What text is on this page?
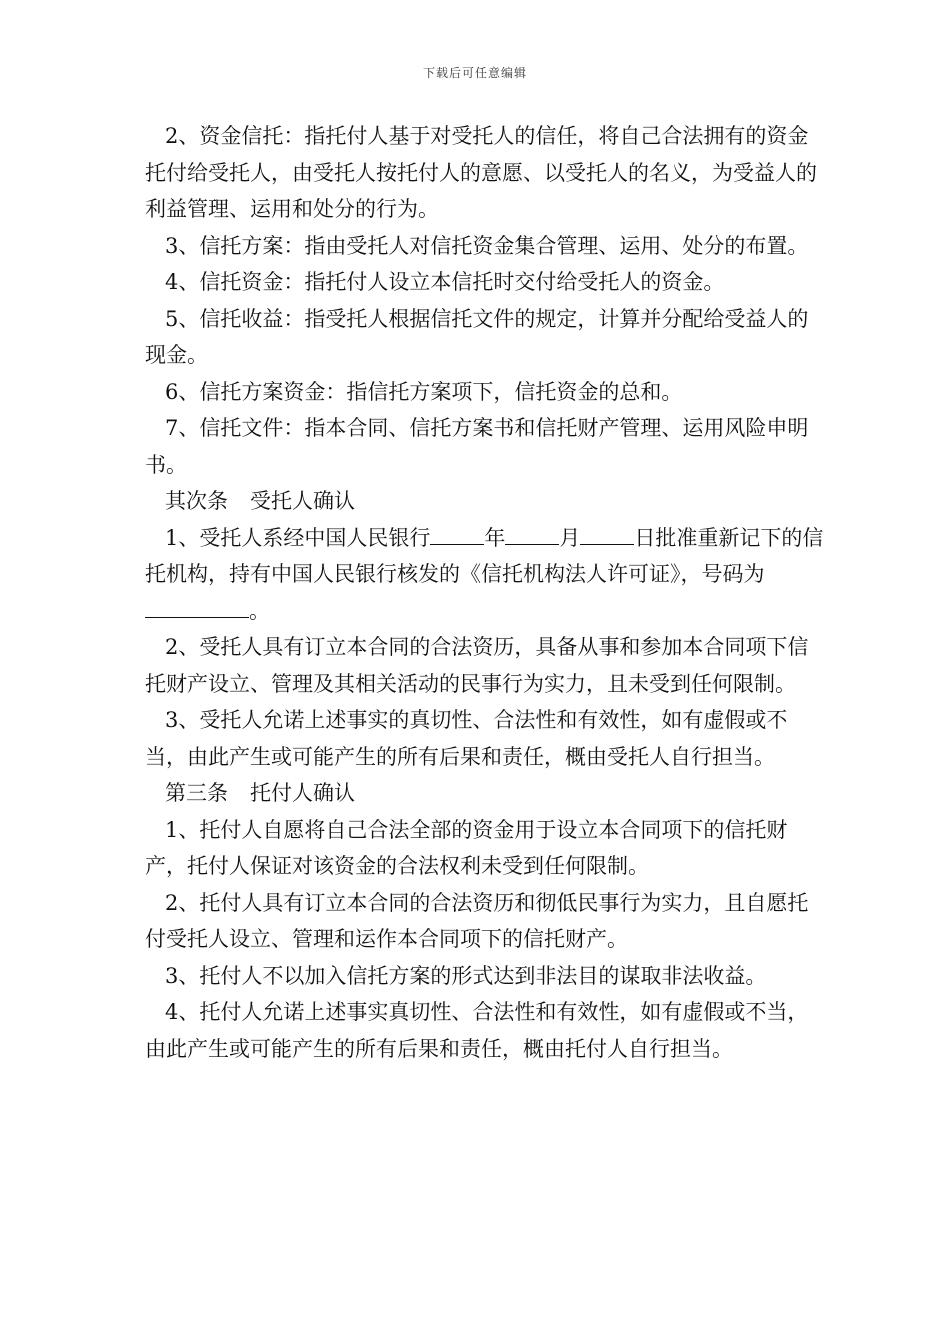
下载后可任意编辑

2、资金信托：指托付人基于对受托人的信任，将自己合法拥有的资金托付给受托人，由受托人按托付人的意愿、以受托人的名义，为受益人的利益管理、运用和处分的行为。

3、信托方案：指由受托人对信托资金集合管理、运用、处分的布置。

4、信托资金：指托付人设立本信托时交付给受托人的资金。

5、信托收益：指受托人根据信托文件的规定，计算并分配给受益人的现金。

6、信托方案资金：指信托方案项下，信托资金的总和。

7、信托文件：指本合同、信托方案书和信托财产管理、运用风险申明书。

其次条 受托人确认

1、受托人系经中国人民银行	年	月	日批准重新记下的信托机构，持有中国人民银行核发的《信托机构法人许可证》，号码为。

2、受托人具有订立本合同的合法资历，具备从事和参加本合同项下信托财产设立、管理及其相关活动的民事行为实力，且未受到任何限制。

3、受托人允诺上述事实的真切性、合法性和有效性，如有虚假或不当，由此产生或可能产生的所有后果和责任，概由受托人自行担当。

第三条 托付人确认

1、托付人自愿将自己合法全部的资金用于设立本合同项下的信托财产，托付人保证对该资金的合法权利未受到任何限制。

2、托付人具有订立本合同的合法资历和彻低民事行为实力，且自愿托付受托人设立、管理和运作本合同项下的信托财产。

3、托付人不以加入信托方案的形式达到非法目的谋取非法收益。

4、托付人允诺上述事实真切性、合法性和有效性，如有虚假或不当，由此产生或可能产生的所有后果和责任，概由托付人自行担当。
